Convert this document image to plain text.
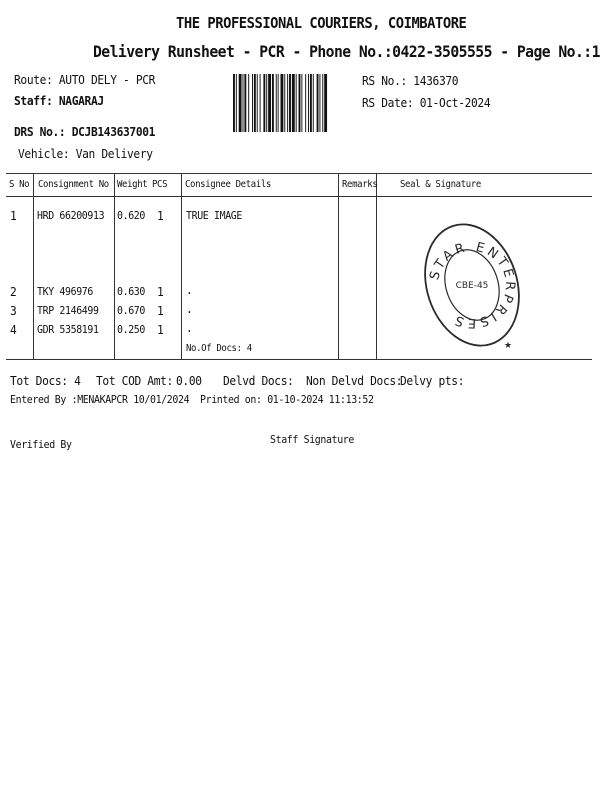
THE PROFESSIONAL COURIERS, COIMBATORE
Delivery Runsheet - PCR - Phone No.:0422-3505555 - Page No.:1
Route: AUTO DELY - PCR
Staff: NAGARAJ
DRS No.: DCJB143637001
Vehicle: Van Delivery
RS No.: 1436370
RS Date: 01-Oct-2024
S No Consignment No Weight PCS Consignee Details	Remarks Seal & Signature
1 HRD 66200913 0.620 1 TRUE IMAGE
2 TKY 496976 0.630 1 .
3 TRP 2146499 0.670 1 .
4 GDR 5358191 0.250 1 .
No.Of Docs: 4
STAR ENTERPRISES
CBE-45
★
Tot Docs: 4 Tot COD Amt: 0.00 Delvd Docs: Non Delvd Docs:
Delvy pts:
Entered By :MENAKAPCR 10/01/2024 Printed on: 01-10-2024 11:13:52
Verified By	Staff Signature
